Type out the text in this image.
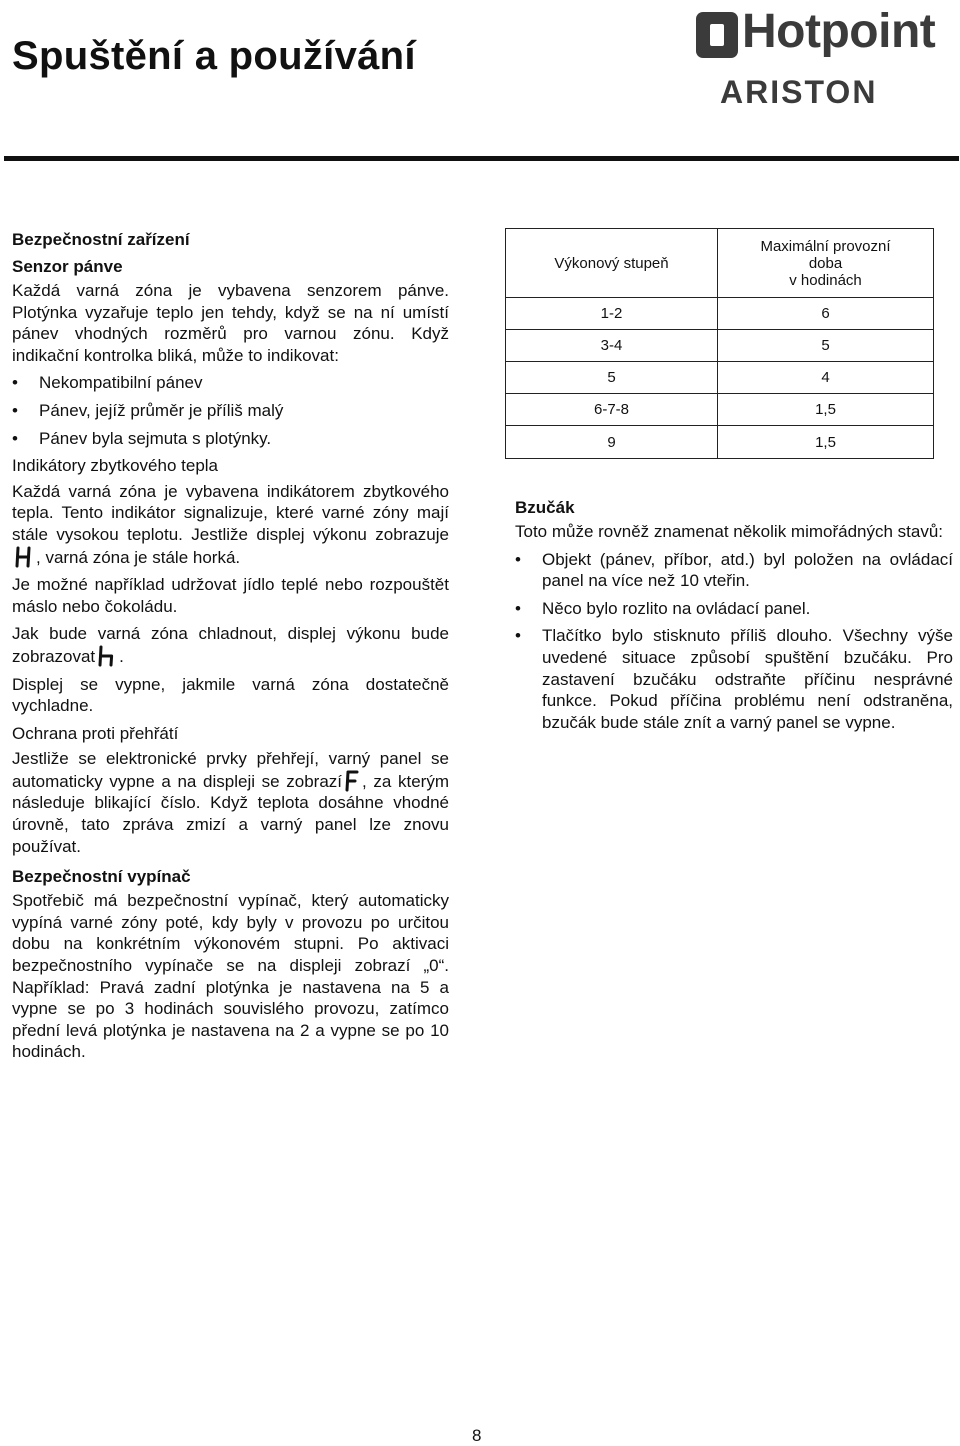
Spuštění a používání	Hotpoint
ARISTON
Bezpečnostní zařízení
Senzor pánve

Každá varná zóna je vybavena senzorem pánve. Plotýnka vyzařuje teplo jen tehdy, když se na ní umístí pánev vhodných rozměrů pro varnou zónu. Když indikační kontrolka bliká, může to indikovat:

• Nekompatibilní pánev
• Pánev, jejíž průměr je příliš malý
• Pánev byla sejmuta s plotýnky.

Indikátory zbytkového tepla

Každá varná zóna je vybavena indikátorem zbytkového tepla. Tento indikátor signalizuje, které varné zóny mají stále vysokou teplotu. Jestliže displej výkonu zobrazuje, varná zóna je stále horká.

Je možné například udržovat jídlo teplé nebo rozpouštět máslo nebo čokoládu.

Jak bude varná zóna chladnout, displej výkonu bude zobrazovat .

Displej se vypne, jakmile varná zóna dostatečně vychladne.

Ochrana proti přehřátí

Jestliže se elektronické prvky přehřejí, varný panel se automaticky vypne a na displeji se zobrazí , za kterým následuje blikající číslo. Když teplota dosáhne vhodné úrovně, tato zpráva zmizí a varný panel lze znovu používat.

Bezpečnostní vypínač

Spotřebič má bezpečnostní vypínač, který automaticky vypíná varné zóny poté, kdy byly v provozu po určitou dobu na konkrétním výkonovém stupni. Po aktivaci bezpečnostního vypínače se na displeji zobrazí „0“. Například: Pravá zadní plotýnka je nastavena na 5 a vypne se po 3 hodinách souvislého provozu, zatímco přední levá plotýnka je nastavena na 2 a vypne se po 10 hodinách.

Výkonový stupeň	Maximální provozní
doba
v hodinách
1-2	6
3-4	5
5	4
6-7-8	1,5
9	1,5
Bzučák

Toto může rovněž znamenat několik mimořádných stavů:

• Objekt (pánev, příbor, atd.) byl položen na ovládací panel na více než 10 vteřin.
• Něco bylo rozlito na ovládací panel.
• Tlačítko bylo stisknuto příliš dlouho. Všechny výše uvedené situace způsobí spuštění bzučáku. Pro zastavení bzučáku odstraňte příčinu nesprávné funkce. Pokud příčina problému není odstraněna, bzučák bude stále znít a varný panel se vypne.
8
